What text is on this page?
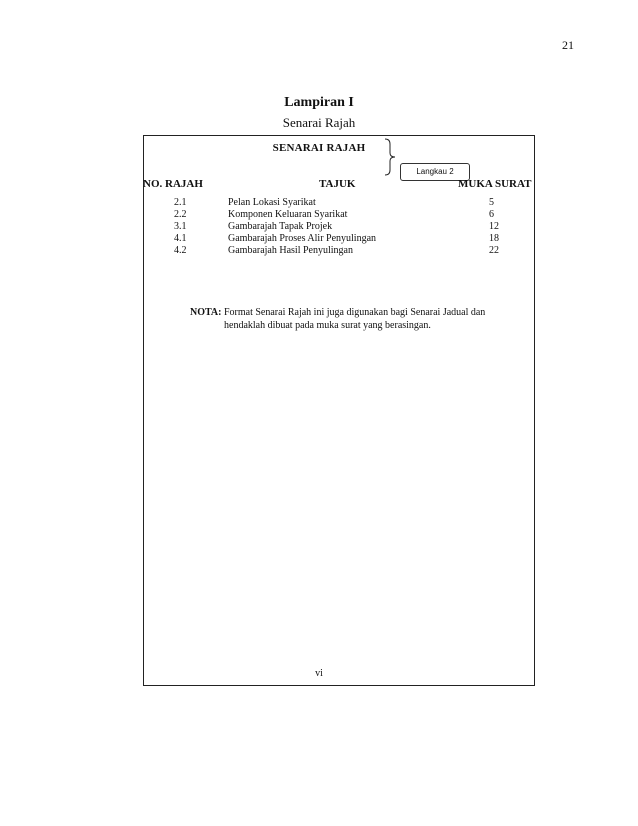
21
Lampiran I
Senarai Rajah
SENARAI RAJAH
Langkau 2
NO. RAJAH	TAJUK	MUKA SURAT
2.1	Pelan Lokasi Syarikat	5
2.2	Komponen Keluaran Syarikat	6
3.1	Gambarajah Tapak Projek	12
4.1	Gambarajah Proses Alir Penyulingan	18
4.2	Gambarajah Hasil Penyulingan	22
NOTA: Format Senarai Rajah ini juga digunakan bagi Senarai Jadual dan
hendaklah dibuat pada muka surat yang berasingan.
vi
